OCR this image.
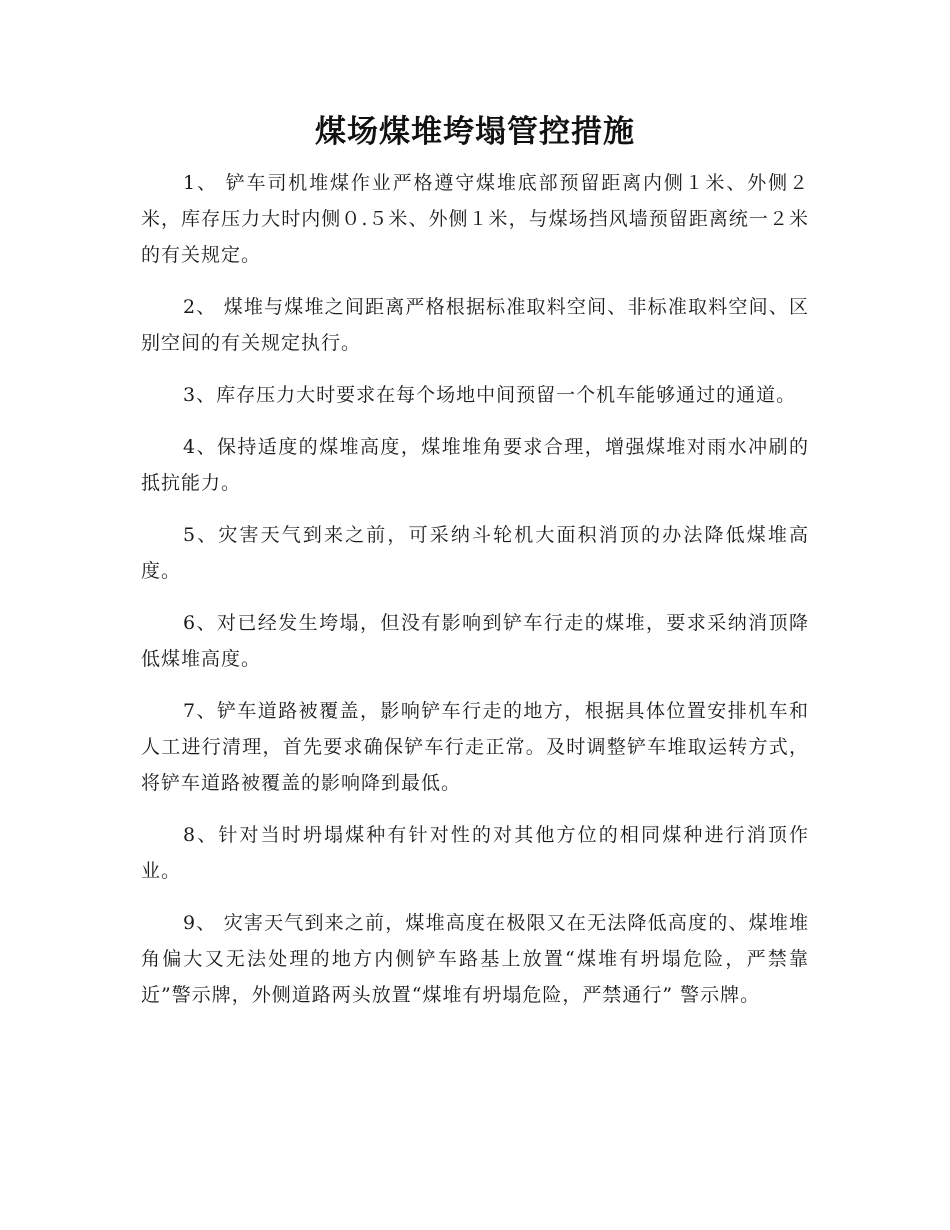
煤场煤堆垮塌管控措施

1、 铲车司机堆煤作业严格遵守煤堆底部预留距离内侧１米、外侧２米，库存压力大时内侧０.５米、外侧１米，与煤场挡风墙预留距离统一２米的有关规定。

2、 煤堆与煤堆之间距离严格根据标准取料空间、非标准取料空间、区别空间的有关规定执行。

3、库存压力大时要求在每个场地中间预留一个机车能够通过的通道。

4、保持适度的煤堆高度，煤堆堆角要求合理，增强煤堆对雨水冲刷的抵抗能力。

5、灾害天气到来之前，可采纳斗轮机大面积消顶的办法降低煤堆高度。

6、对已经发生垮塌，但没有影响到铲车行走的煤堆，要求采纳消顶降低煤堆高度。

7、铲车道路被覆盖，影响铲车行走的地方，根据具体位置安排机车和人工进行清理，首先要求确保铲车行走正常。及时调整铲车堆取运转方式，将铲车道路被覆盖的影响降到最低。

8、针对当时坍塌煤种有针对性的对其他方位的相同煤种进行消顶作业。

9、 灾害天气到来之前，煤堆高度在极限又在无法降低高度的、煤堆堆角偏大又无法处理的地方内侧铲车路基上放置“煤堆有坍塌危险，严禁靠近”警示牌，外侧道路两头放置“煤堆有坍塌危险，严禁通行” 警示牌。
